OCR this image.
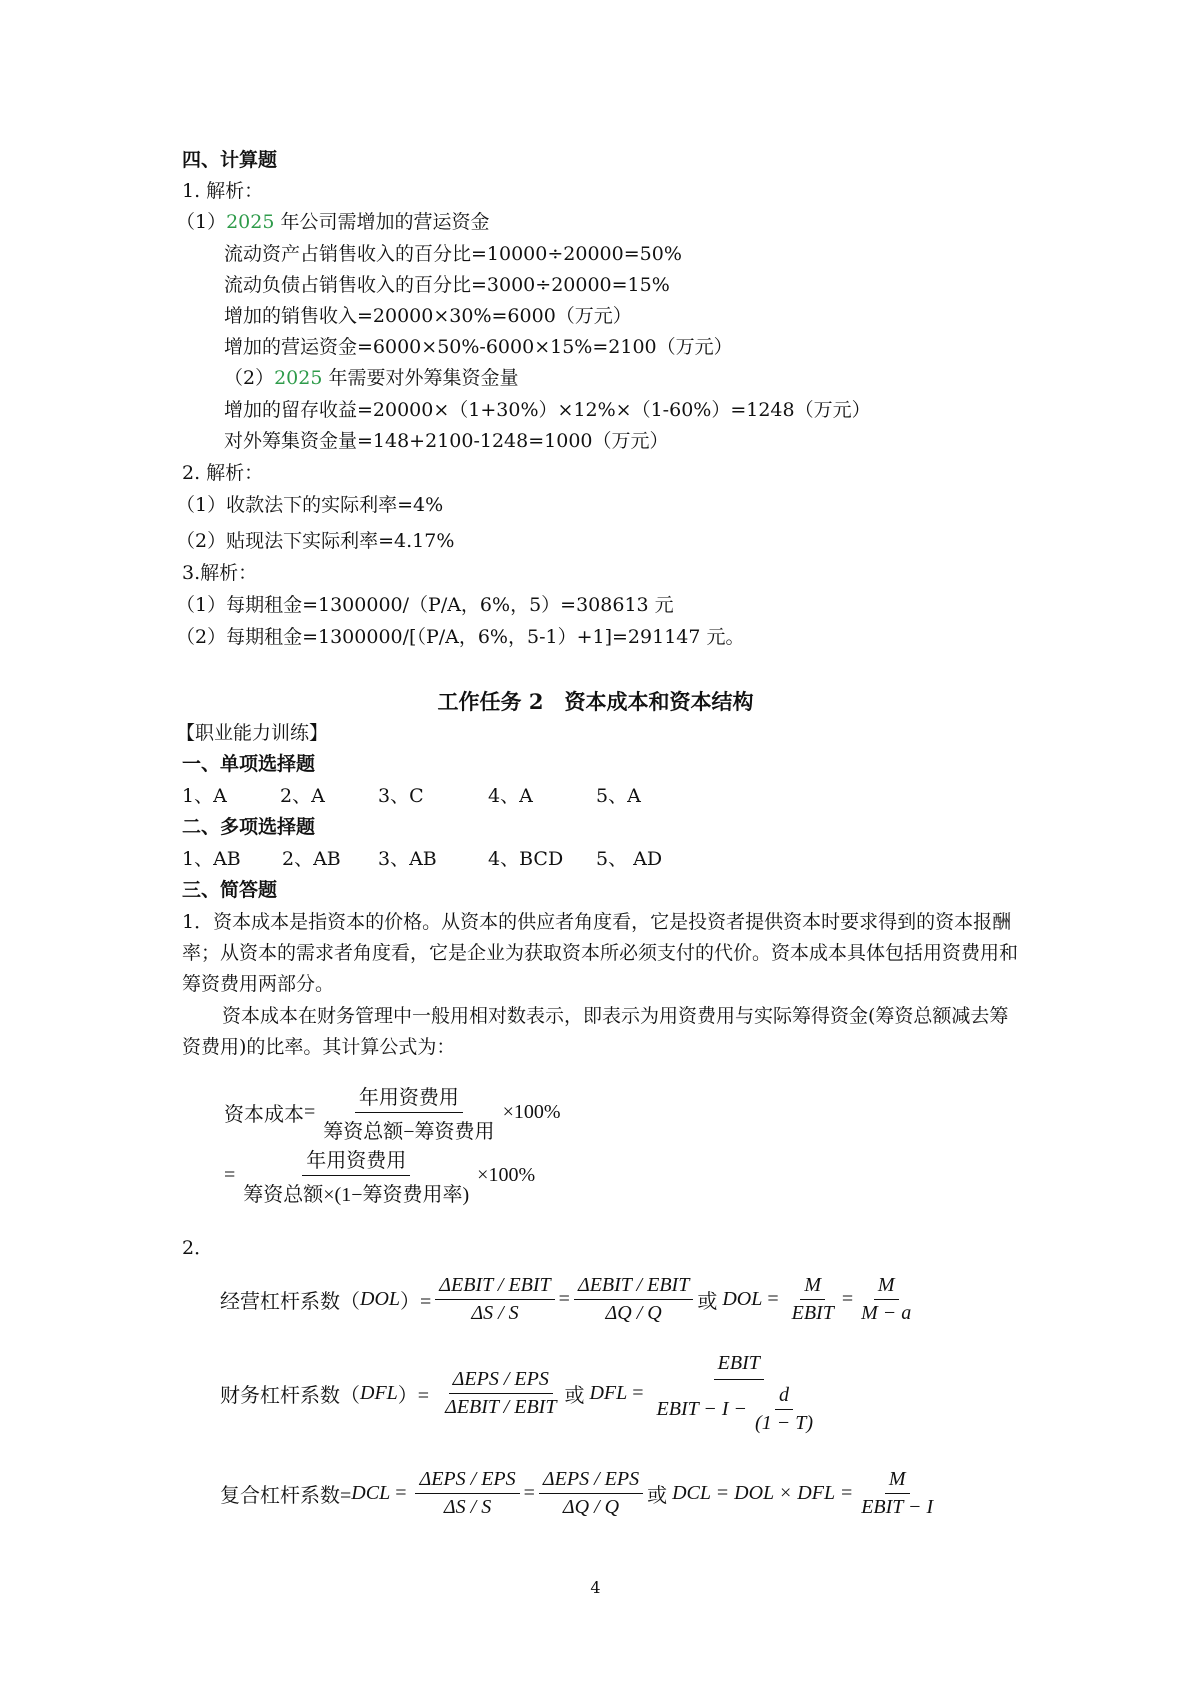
四、计算题
1. 解析：
（1）2025 年公司需增加的营运资金
流动资产占销售收入的百分比=10000÷20000=50%
流动负债占销售收入的百分比=3000÷20000=15%
增加的销售收入=20000×30%=6000（万元）
增加的营运资金=6000×50%-6000×15%=2100（万元）
（2）2025 年需要对外筹集资金量
增加的留存收益=20000×（1+30%）×12%×（1-60%）=1248（万元）
对外筹集资金量=148+2100-1248=1000（万元）
2. 解析：
（1）收款法下的实际利率=4%
（2）贴现法下实际利率=4.17%
3.解析：
（1）每期租金=1300000/（P/A，6%，5）=308613 元
（2）每期租金=1300000/[（P/A，6%，5-1）+1]=291147 元。
工作任务 2　资本成本和资本结构
【职业能力训练】
一、单项选择题
1、A	2、A	3、C	4、A	5、A
二、多项选择题
1、AB 2、AB 3、AB	4、BCD 5、 AD
三、简答题
1．资本成本是指资本的价格。从资本的供应者角度看，它是投资者提供资本时要求得到的资本报酬率；从资本的需求者角度看，它是企业为获取资本所必须支付的代价。资本成本具体包括用资费用和筹资费用两部分。
资本成本在财务管理中一般用相对数表示，即表示为用资费用与实际筹得资金(筹资总额减去筹资费用)的比率。其计算公式为：
资本成本 = $\frac{\text{年用资费用}}{\text{筹资总额−筹资费用}} \times 100\%$
= $\frac{\text{年用资费用}}{\text{筹资总额×(1−筹资费用率)}} \times 100\%$
2．
经营杠杆系数（ DOL ）= $\frac{\text{ΔEBIT / EBIT}}{\Delta S / S} = \frac{\text{ΔEBIT / EBIT}}{\Delta Q / Q}$ 或
DOL = $\frac{M}{\text{EBIT}} = \frac{M}{M - a}$
财务杠杆系数（ DFL ）= $\frac{\text{ΔEPS / EPS}}{\text{ΔEBIT / EBIT}}$ 或
DFL = $\frac{\text{EBIT}}{EBIT - I - \frac{d}{(1 - T)}}$
复合杠杆系数= DCL = $\frac{\text{ΔEPS / EPS}}{\Delta S / S} = \frac{\text{ΔEPS / EPS}}{\Delta Q / Q}$ 或
DCL = DOL × DFL = $\frac{M}{\text{EBIT − I}}$
4
